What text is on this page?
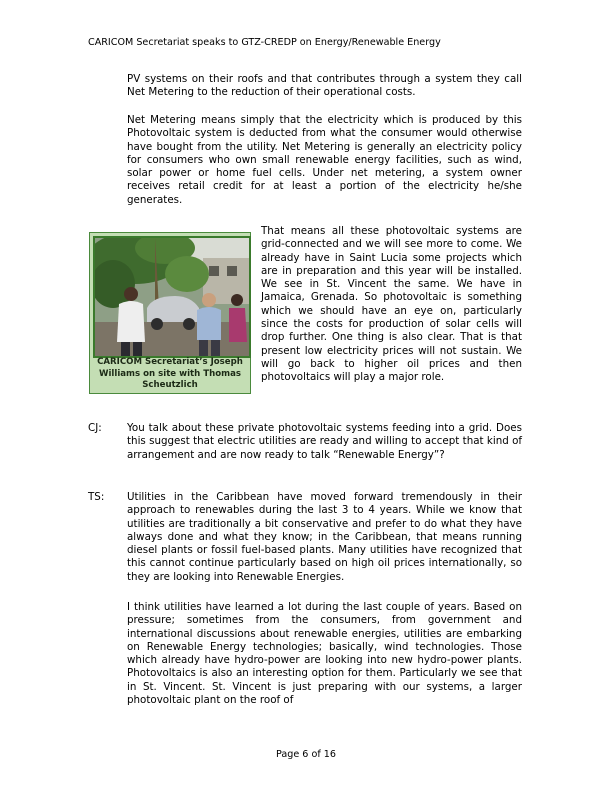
CARICOM Secretariat speaks to GTZ-CREDP on Energy/Renewable Energy

PV systems on their roofs and that contributes through a system they call Net Metering to the reduction of their operational costs.

Net Metering means simply that the electricity which is produced by this Photovoltaic system is deducted from what the consumer would otherwise have bought from the utility. Net Metering is generally an electricity policy for consumers who own small renewable energy facilities, such as wind, solar power or home fuel cells. Under net metering, a system owner receives retail credit for at least a portion of the electricity he/she generates.

CARICOM Secretariat’s Joseph Williams on site with Thomas Scheutzlich

That means all these photovoltaic systems are grid-connected and we will see more to come. We already have in Saint Lucia some projects which are in preparation and this year will be installed. We see in St. Vincent the same. We have in Jamaica, Grenada. So photovoltaic is something which we should have an eye on, particularly since the costs for production of solar cells will drop further. One thing is also clear. That is that present low electricity prices will not sustain. We will go back to higher oil prices and then photovoltaics will play a major role.

CJ: You talk about these private photovoltaic systems feeding into a grid. Does this suggest that electric utilities are ready and willing to accept that kind of arrangement and are now ready to talk “Renewable Energy”?

TS: Utilities in the Caribbean have moved forward tremendously in their approach to renewables during the last 3 to 4 years. While we know that utilities are traditionally a bit conservative and prefer to do what they have always done and what they know; in the Caribbean, that means running diesel plants or fossil fuel-based plants. Many utilities have recognized that this cannot continue particularly based on high oil prices internationally, so they are looking into Renewable Energies.

I think utilities have learned a lot during the last couple of years. Based on pressure; sometimes from the consumers, from government and international discussions about renewable energies, utilities are embarking on Renewable Energy technologies; basically, wind technologies. Those which already have hydro-power are looking into new hydro-power plants. Photovoltaics is also an interesting option for them. Particularly we see that in St. Vincent. St. Vincent is just preparing with our systems, a larger photovoltaic plant on the roof of

Page 6 of 16
